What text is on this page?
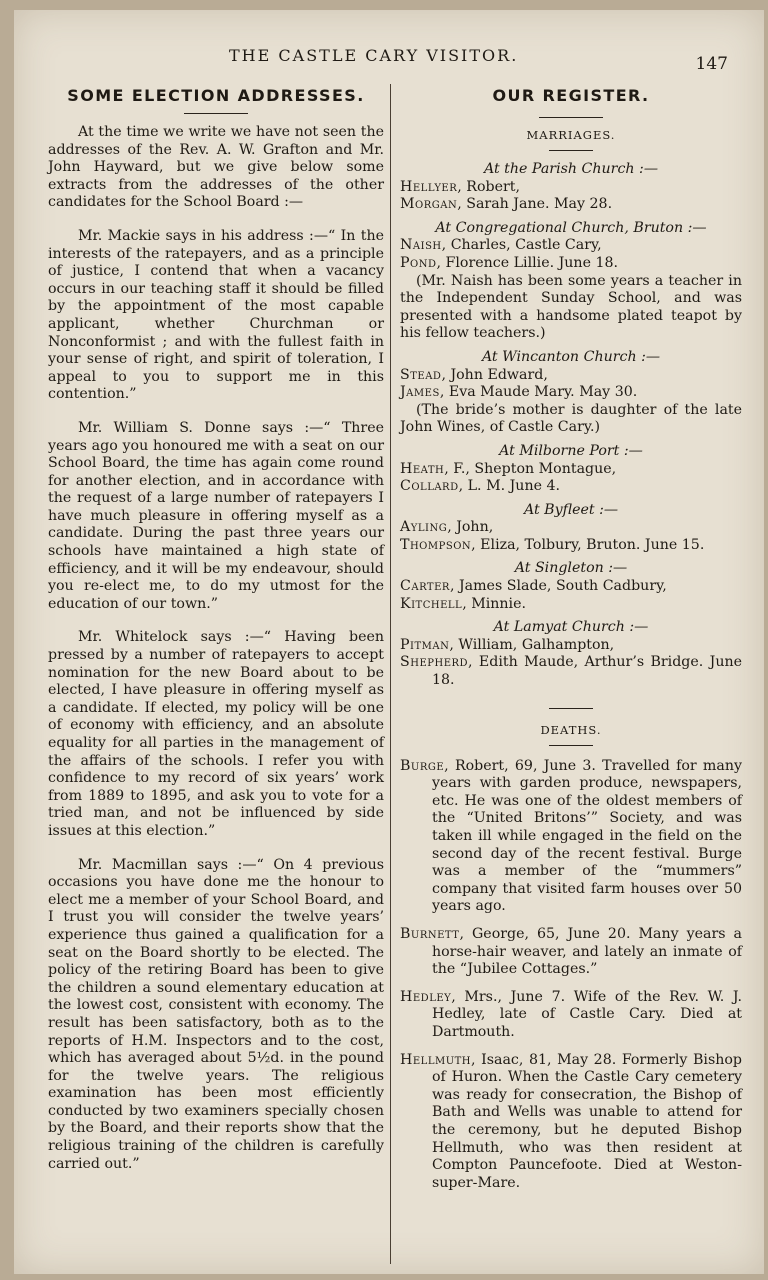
THE CASTLE CARY VISITOR.	147
SOME ELECTION ADDRESSES.

At the time we write we have not seen the addresses of the Rev. A. W. Grafton and Mr. John Hayward, but we give below some extracts from the addresses of the other candidates for the School Board :—

Mr. Mackie says in his address :—“ In the interests of the ratepayers, and as a principle of justice, I contend that when a vacancy occurs in our teaching staff it should be filled by the appointment of the most capable applicant, whether Churchman or Nonconformist ; and with the fullest faith in your sense of right, and spirit of toleration, I appeal to you to support me in this contention.”

Mr. William S. Donne says :—“ Three years ago you honoured me with a seat on our School Board, the time has again come round for another election, and in accordance with the request of a large number of ratepayers I have much pleasure in offering myself as a candidate. During the past three years our schools have maintained a high state of efficiency, and it will be my endeavour, should you re-elect me, to do my utmost for the education of our town.”

Mr. Whitelock says :—“ Having been pressed by a number of ratepayers to accept nomination for the new Board about to be elected, I have pleasure in offering myself as a candidate. If elected, my policy will be one of economy with efficiency, and an absolute equality for all parties in the management of the affairs of the schools. I refer you with confidence to my record of six years’ work from 1889 to 1895, and ask you to vote for a tried man, and not be influenced by side issues at this election.”

Mr. Macmillan says :—“ On 4 previous occasions you have done me the honour to elect me a member of your School Board, and I trust you will consider the twelve years’ experience thus gained a qualification for a seat on the Board shortly to be elected. The policy of the retiring Board has been to give the children a sound elementary education at the lowest cost, consistent with economy. The result has been satisfactory, both as to the reports of H.M. Inspectors and to the cost, which has averaged about 5½d. in the pound for the twelve years. The religious examination has been most efficiently conducted by two examiners specially chosen by the Board, and their reports show that the religious training of the children is carefully carried out.”

OUR REGISTER.

MARRIAGES.

At the Parish Church :—

Hellyer, Robert,

Morgan, Sarah Jane. May 28.

At Congregational Church, Bruton :—

Naish, Charles, Castle Cary,

Pond, Florence Lillie. June 18.

(Mr. Naish has been some years a teacher in the Independent Sunday School, and was presented with a handsome plated teapot by his fellow teachers.)

At Wincanton Church :—

Stead, John Edward,

James, Eva Maude Mary. May 30.

(The bride’s mother is daughter of the late John Wines, of Castle Cary.)

At Milborne Port :—

Heath, F., Shepton Montague,

Collard, L. M. June 4.

At Byfleet :—

Ayling, John,

Thompson, Eliza, Tolbury, Bruton. June 15.

At Singleton :—

Carter, James Slade, South Cadbury,

Kitchell, Minnie.

At Lamyat Church :—

Pitman, William, Galhampton,

Shepherd, Edith Maude, Arthur’s Bridge. June 18.

DEATHS.

Burge, Robert, 69, June 3. Travelled for many years with garden produce, newspapers, etc. He was one of the oldest members of the “United Britons’” Society, and was taken ill while engaged in the field on the second day of the recent festival. Burge was a member of the “mummers” company that visited farm houses over 50 years ago.

Burnett, George, 65, June 20. Many years a horse-hair weaver, and lately an inmate of the “Jubilee Cottages.”

Hedley, Mrs., June 7. Wife of the Rev. W. J. Hedley, late of Castle Cary. Died at Dartmouth.

Hellmuth, Isaac, 81, May 28. Formerly Bishop of Huron. When the Castle Cary cemetery was ready for consecration, the Bishop of Bath and Wells was unable to attend for the ceremony, but he deputed Bishop Hellmuth, who was then resident at Compton Pauncefoote. Died at Weston-super-Mare.
